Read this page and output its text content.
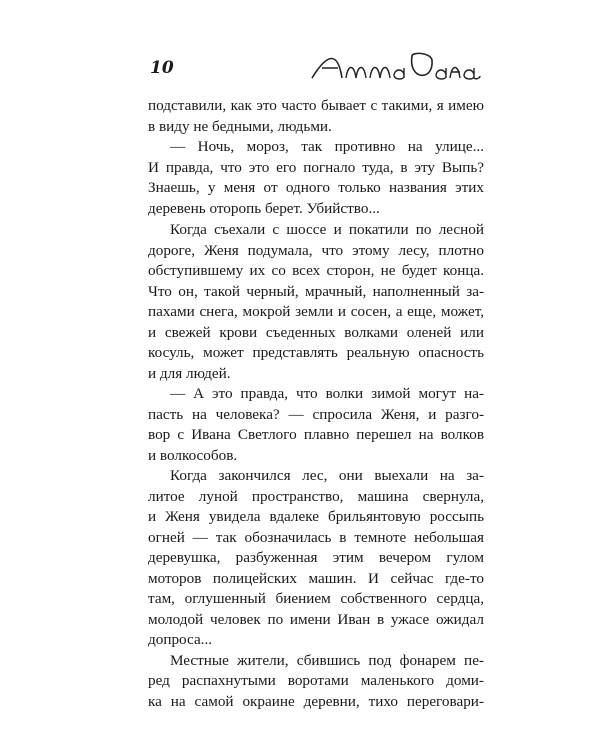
10
подставили, как это часто бывает с такими, я имею
в виду не бедными, людьми.
— Ночь, мороз, так противно на улице...
И правда, что это его погнало туда, в эту Выпь?
Знаешь, у меня от одного только названия этих
деревень оторопь берет. Убийство...
Когда съехали с шоссе и покатили по лесной
дороге, Женя подумала, что этому лесу, плотно
обступившему их со всех сторон, не будет конца.
Что он, такой черный, мрачный, наполненный за-
пахами снега, мокрой земли и сосен, а еще, может,
и свежей крови съеденных волками оленей или
косуль, может представлять реальную опасность
и для людей.
— А это правда, что волки зимой могут на-
пасть на человека? — спросила Женя, и разго-
вор с Ивана Светлого плавно перешел на волков
и волкособов.
Когда закончился лес, они выехали на за-
литое луной пространство, машина свернула,
и Женя увидела вдалеке брильянтовую россыпь
огней — так обозначилась в темноте небольшая
деревушка, разбуженная этим вечером гулом
моторов полицейских машин. И сейчас где-то
там, оглушенный биением собственного сердца,
молодой человек по имени Иван в ужасе ожидал
допроса...
Местные жители, сбившись под фонарем пе-
ред распахнутыми воротами маленького доми-
ка на самой окраине деревни, тихо переговари-
